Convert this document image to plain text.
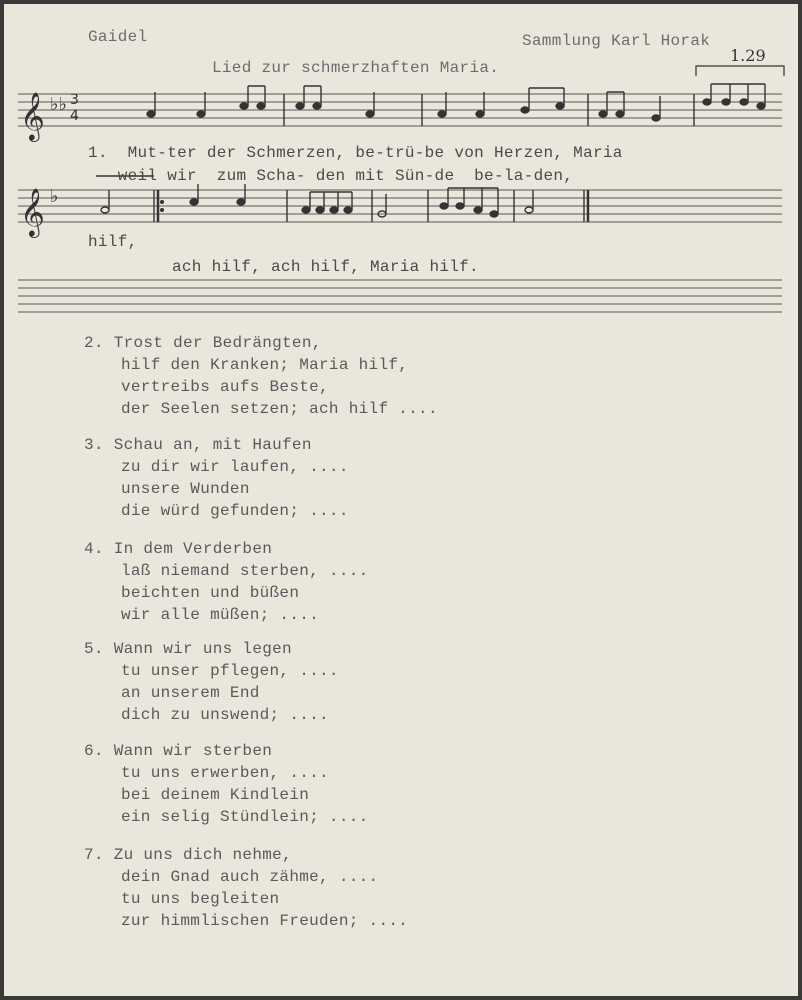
Gaidel	Sammlung Karl Horak
1.29
Lied zur schmerzhaften Maria.
𝄞 ♭♭ 3
4
𝄞 ♭
1.  Mut-ter der Schmerzen, be-trü-be von Herzen, Maria
weil wir  zum Scha- den mit Sün-de  be-la-den,
hilf,
ach hilf, ach hilf, Maria hilf.
2. Trost der Bedrängten,
hilf den Kranken; Maria hilf,
vertreibs aufs Beste,
der Seelen setzen; ach hilf ....
3. Schau an, mit Haufen
zu dir wir laufen, ....
unsere Wunden
die würd gefunden; ....
4. In dem Verderben
laß niemand sterben, ....
beichten und büßen
wir alle müßen; ....
5. Wann wir uns legen
tu unser pflegen, ....
an unserem End
dich zu unswend; ....
6. Wann wir sterben
tu uns erwerben, ....
bei deinem Kindlein
ein selig Stündlein; ....
7. Zu uns dich nehme,
dein Gnad auch zähme, ....
tu uns begleiten
zur himmlischen Freuden; ....
